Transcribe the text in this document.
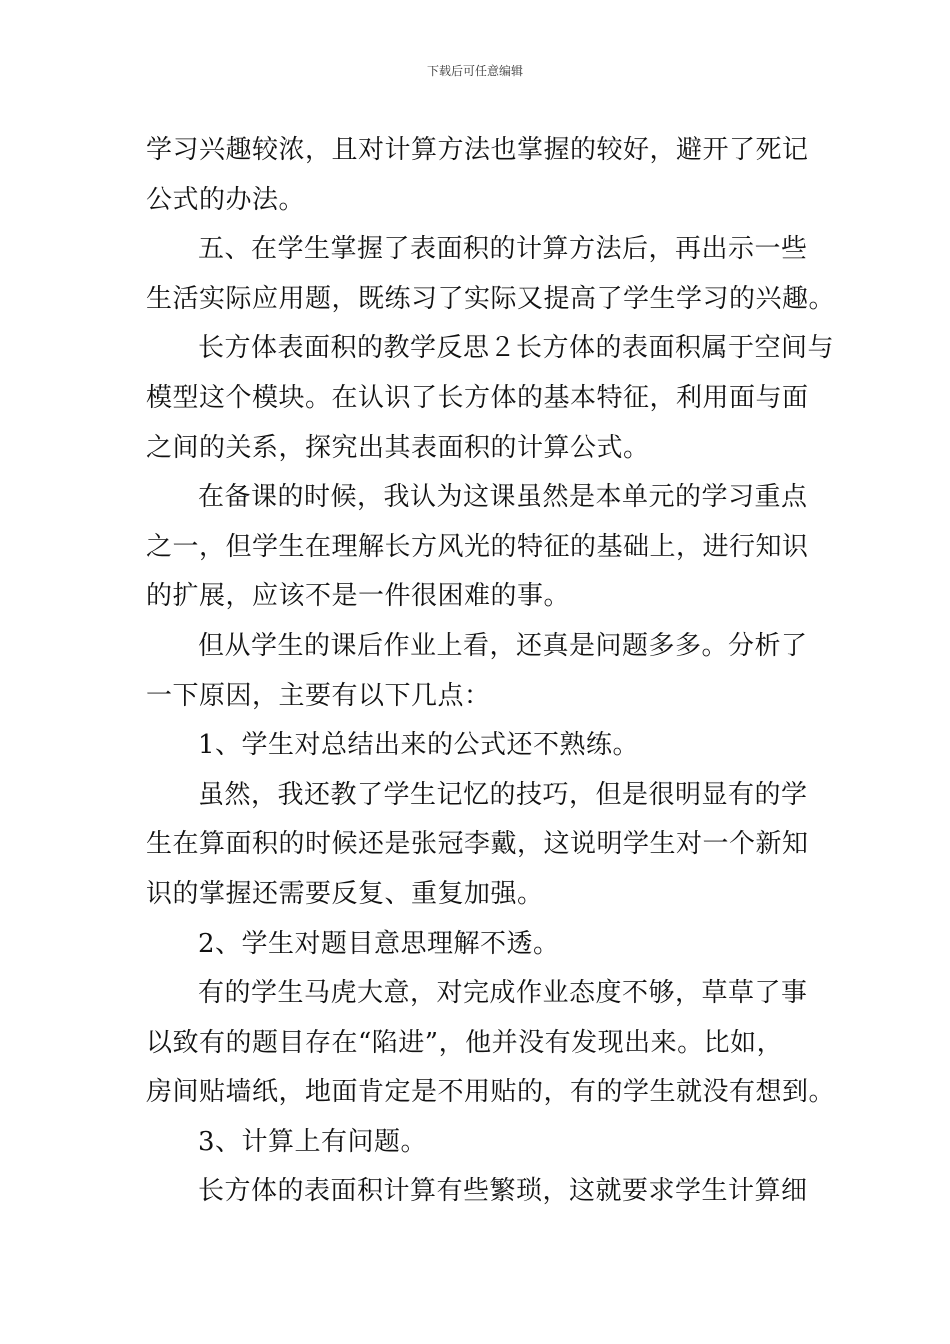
下载后可任意编辑
学习兴趣较浓，且对计算方法也掌握的较好，避开了死记
公式的办法。
五、在学生掌握了表面积的计算方法后，再出示一些
生活实际应用题，既练习了实际又提高了学生学习的兴趣。
长方体表面积的教学反思２长方体的表面积属于空间与
模型这个模块。在认识了长方体的基本特征，利用面与面
之间的关系，探究出其表面积的计算公式。
在备课的时候，我认为这课虽然是本单元的学习重点
之一，但学生在理解长方风光的特征的基础上，进行知识
的扩展，应该不是一件很困难的事。
但从学生的课后作业上看，还真是问题多多。分析了
一下原因，主要有以下几点：
1、学生对总结出来的公式还不熟练。
虽然，我还教了学生记忆的技巧，但是很明显有的学
生在算面积的时候还是张冠李戴，这说明学生对一个新知
识的掌握还需要反复、重复加强。
2、学生对题目意思理解不透。
有的学生马虎大意，对完成作业态度不够，草草了事
以致有的题目存在“陷进”，他并没有发现出来。比如，
房间贴墙纸，地面肯定是不用贴的，有的学生就没有想到。
3、计算上有问题。
长方体的表面积计算有些繁琐，这就要求学生计算细
